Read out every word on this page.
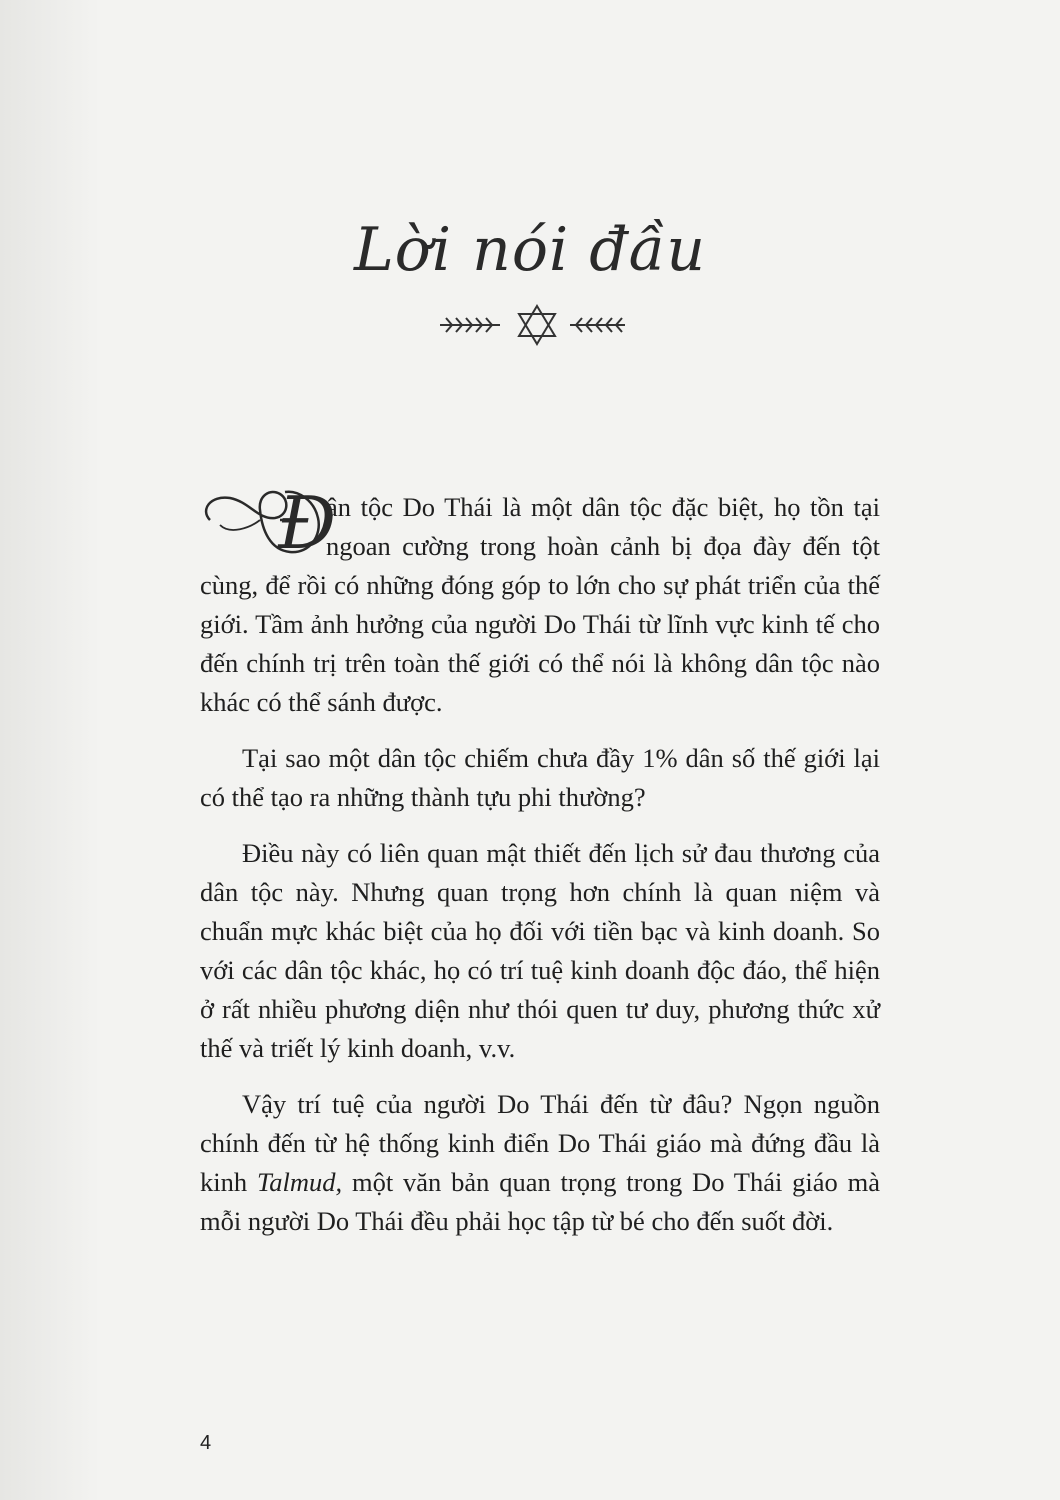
Lời nói đầu

Đ
ân tộc Do Thái là một dân tộc đặc biệt, họ tồn tại ngoan cường trong hoàn cảnh bị đọa đày đến tột cùng, để rồi có những đóng góp to lớn cho sự phát triển của thế giới. Tầm ảnh hưởng của người Do Thái từ lĩnh vực kinh tế cho đến chính trị trên toàn thế giới có thể nói là không dân tộc nào khác có thể sánh được.

Tại sao một dân tộc chiếm chưa đầy 1% dân số thế giới lại có thể tạo ra những thành tựu phi thường?

Điều này có liên quan mật thiết đến lịch sử đau thương của dân tộc này. Nhưng quan trọng hơn chính là quan niệm và chuẩn mực khác biệt của họ đối với tiền bạc và kinh doanh. So với các dân tộc khác, họ có trí tuệ kinh doanh độc đáo, thể hiện ở rất nhiều phương diện như thói quen tư duy, phương thức xử thế và triết lý kinh doanh, v.v.

Vậy trí tuệ của người Do Thái đến từ đâu? Ngọn nguồn chính đến từ hệ thống kinh điển Do Thái giáo mà đứng đầu là kinh Talmud, một văn bản quan trọng trong Do Thái giáo mà mỗi người Do Thái đều phải học tập từ bé cho đến suốt đời.

4
